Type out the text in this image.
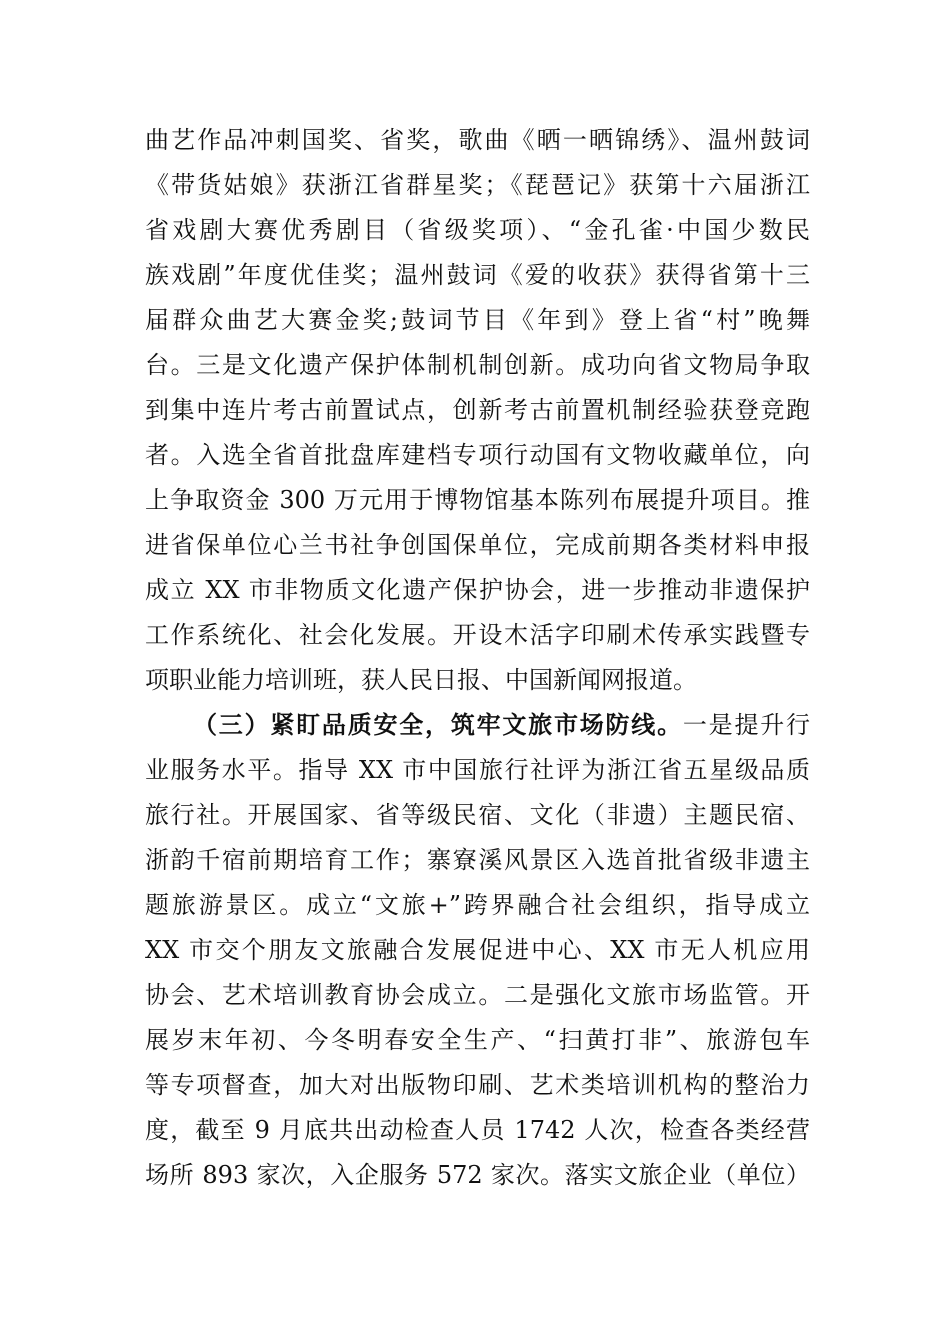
曲艺作品冲刺国奖、省奖，歌曲《晒一晒锦绣》、温州鼓词
《带货姑娘》获浙江省群星奖；《琵琶记》获第十六届浙江
省戏剧大赛优秀剧目（省级奖项）、“金孔雀·中国少数民
族戏剧”年度优佳奖；温州鼓词《爱的收获》获得省第十三
届群众曲艺大赛金奖;鼓词节目《年到》登上省“村”晚舞
台。三是文化遗产保护体制机制创新。成功向省文物局争取
到集中连片考古前置试点，创新考古前置机制经验获登竞跑
者。入选全省首批盘库建档专项行动国有文物收藏单位，向
上争取资金 300 万元用于博物馆基本陈列布展提升项目。推
进省保单位心兰书社争创国保单位，完成前期各类材料申报
成立 XX 市非物质文化遗产保护协会，进一步推动非遗保护
工作系统化、社会化发展。开设木活字印刷术传承实践暨专
项职业能力培训班，获人民日报、中国新闻网报道。
（三）紧盯品质安全，筑牢文旅市场防线。一是提升行
业服务水平。指导 XX 市中国旅行社评为浙江省五星级品质
旅行社。开展国家、省等级民宿、文化（非遗）主题民宿、
浙韵千宿前期培育工作；寨寮溪风景区入选首批省级非遗主
题旅游景区。成立“文旅+”跨界融合社会组织，指导成立
XX 市交个朋友文旅融合发展促进中心、XX 市无人机应用
协会、艺术培训教育协会成立。二是强化文旅市场监管。开
展岁末年初、今冬明春安全生产、“扫黄打非”、旅游包车
等专项督查，加大对出版物印刷、艺术类培训机构的整治力
度，截至 9 月底共出动检查人员 1742 人次，检查各类经营
场所 893 家次，入企服务 572 家次。落实文旅企业（单位）
